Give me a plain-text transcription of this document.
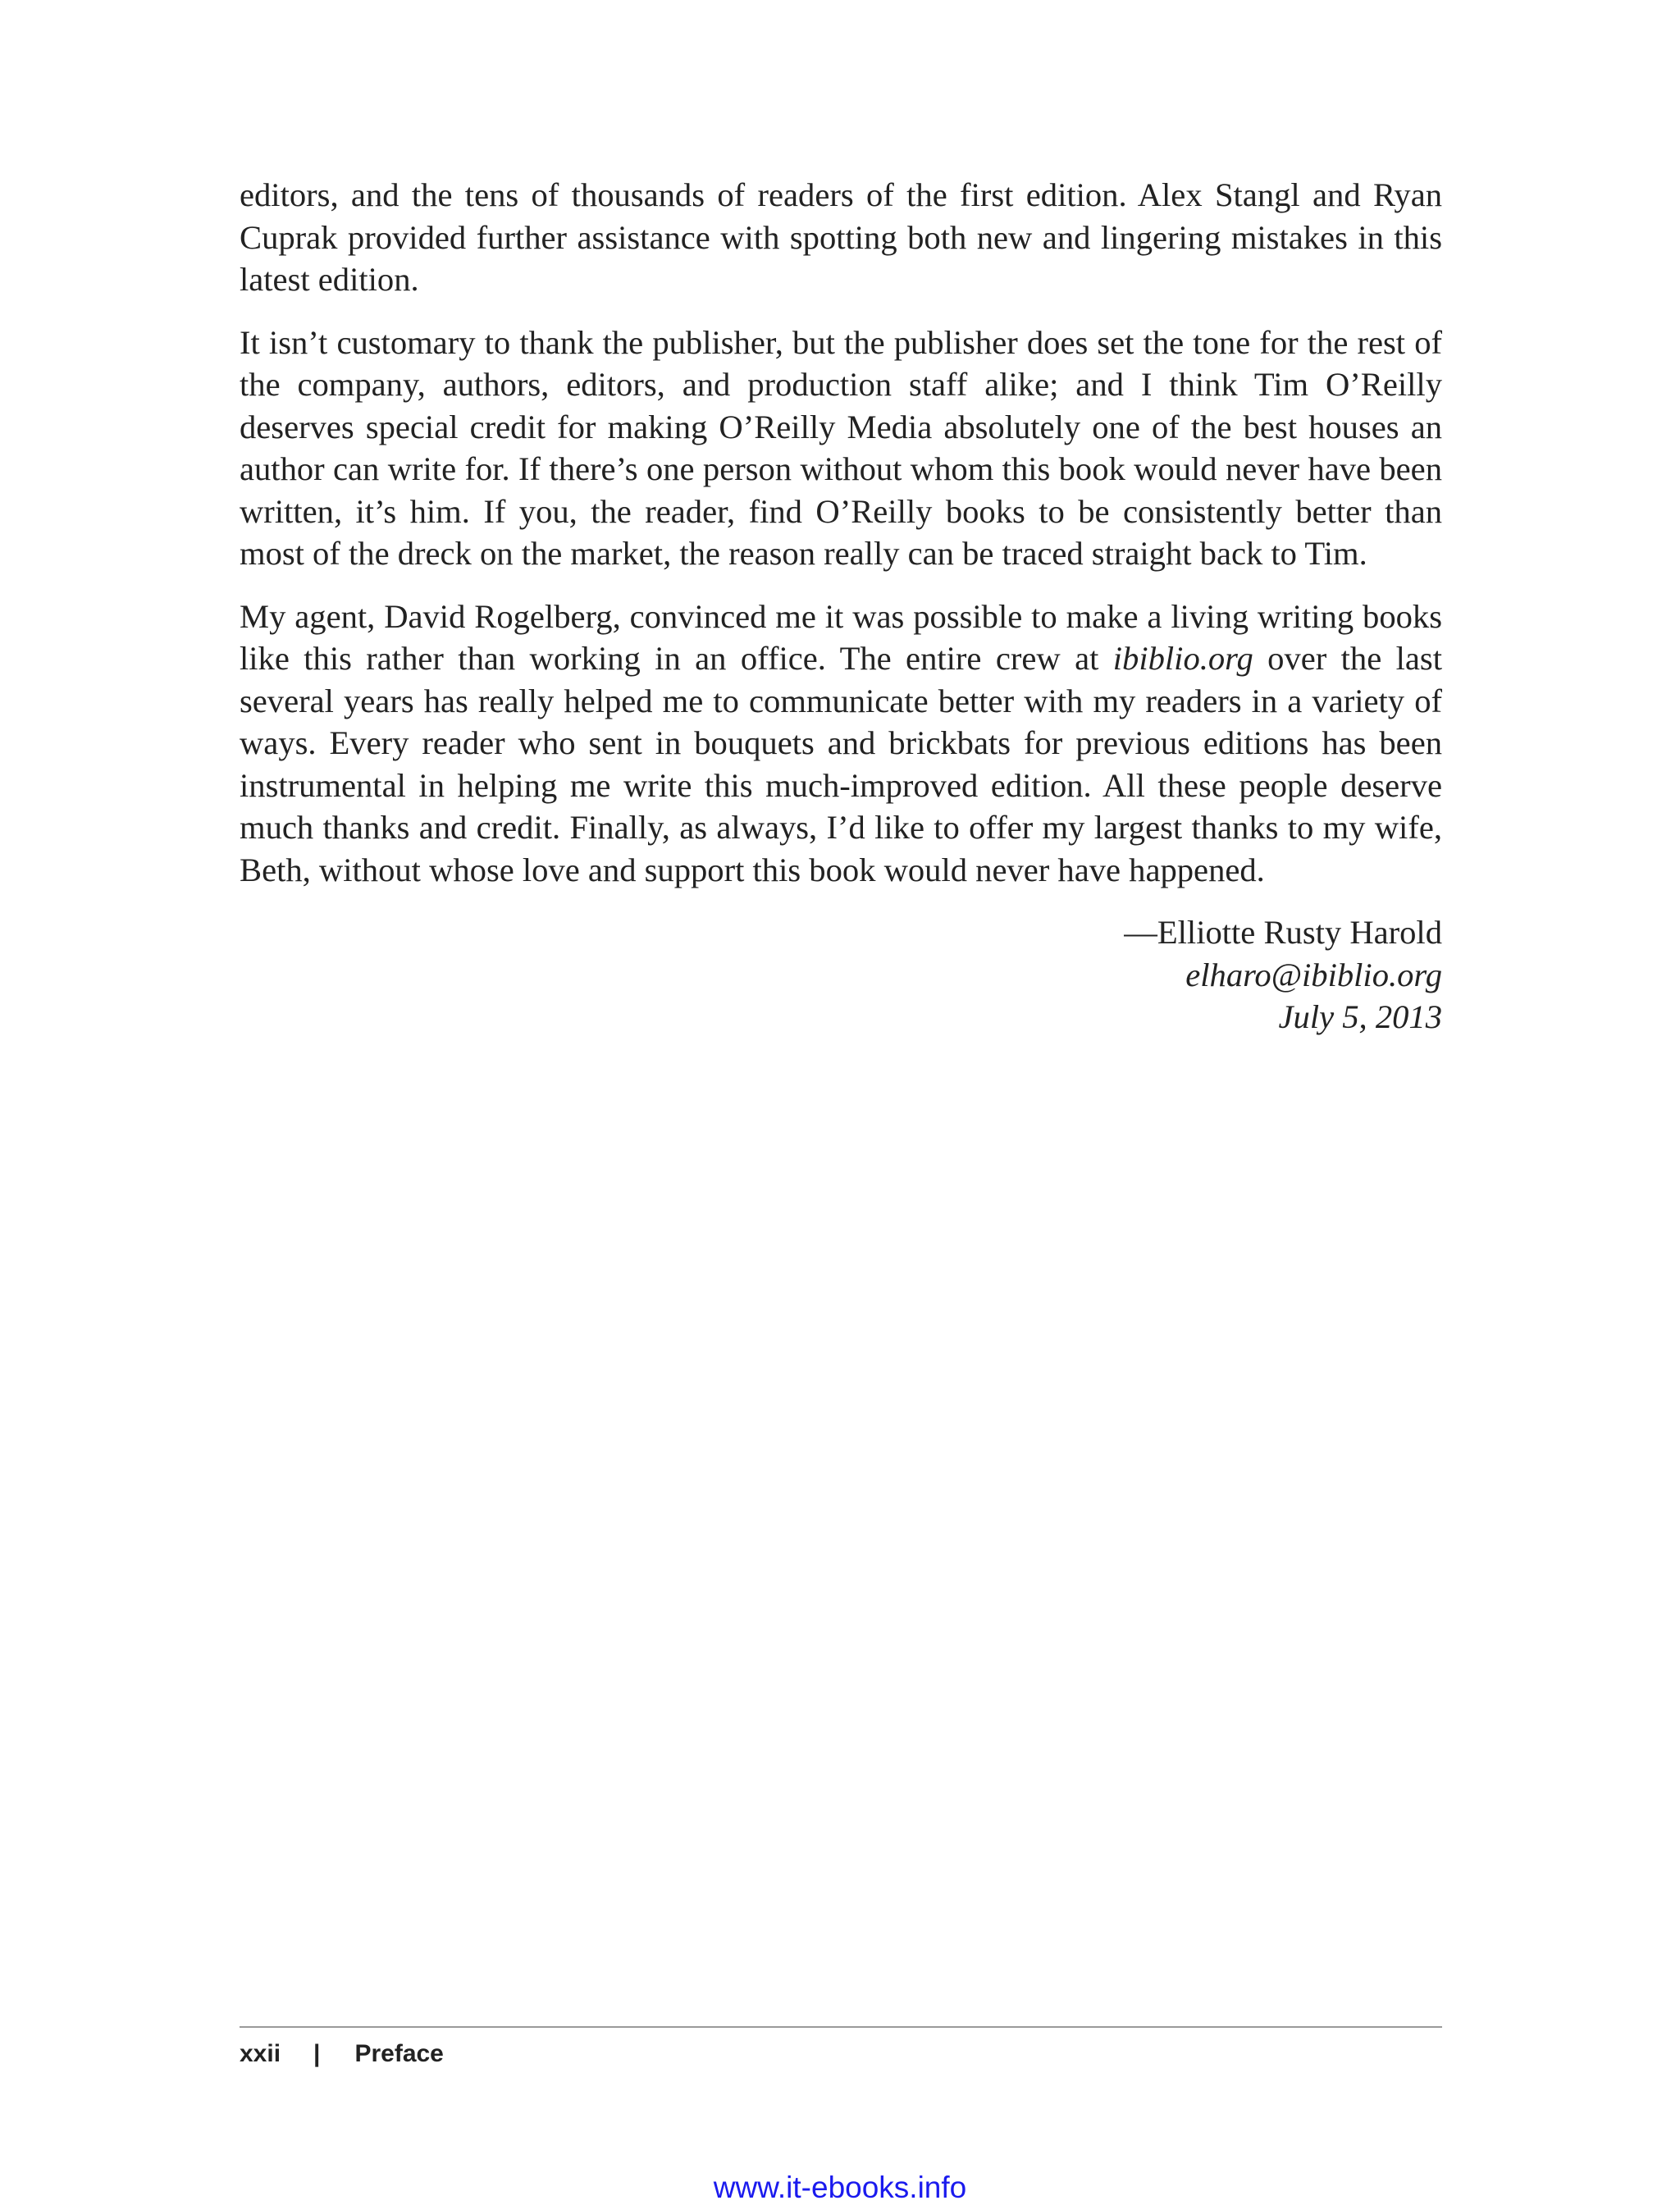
editors, and the tens of thousands of readers of the first edition. Alex Stangl and Ryan Cuprak provided further assistance with spotting both new and lingering mistakes in this latest edition.

It isn’t customary to thank the publisher, but the publisher does set the tone for the rest of the company, authors, editors, and production staff alike; and I think Tim O’Reilly deserves special credit for making O’Reilly Media absolutely one of the best houses an author can write for. If there’s one person without whom this book would never have been written, it’s him. If you, the reader, find O’Reilly books to be consistently better than most of the dreck on the market, the reason really can be traced straight back to Tim.

My agent, David Rogelberg, convinced me it was possible to make a living writing books like this rather than working in an office. The entire crew at ibiblio.org over the last several years has really helped me to communicate better with my readers in a variety of ways. Every reader who sent in bouquets and brickbats for previous editions has been instrumental in helping me write this much-improved edition. All these people deserve much thanks and credit. Finally, as always, I’d like to offer my largest thanks to my wife, Beth, without whose love and support this book would never have happened.

—Elliotte Rusty Harold
elharo@ibiblio.org
July 5, 2013
xxii | Preface
www.it-ebooks.info
